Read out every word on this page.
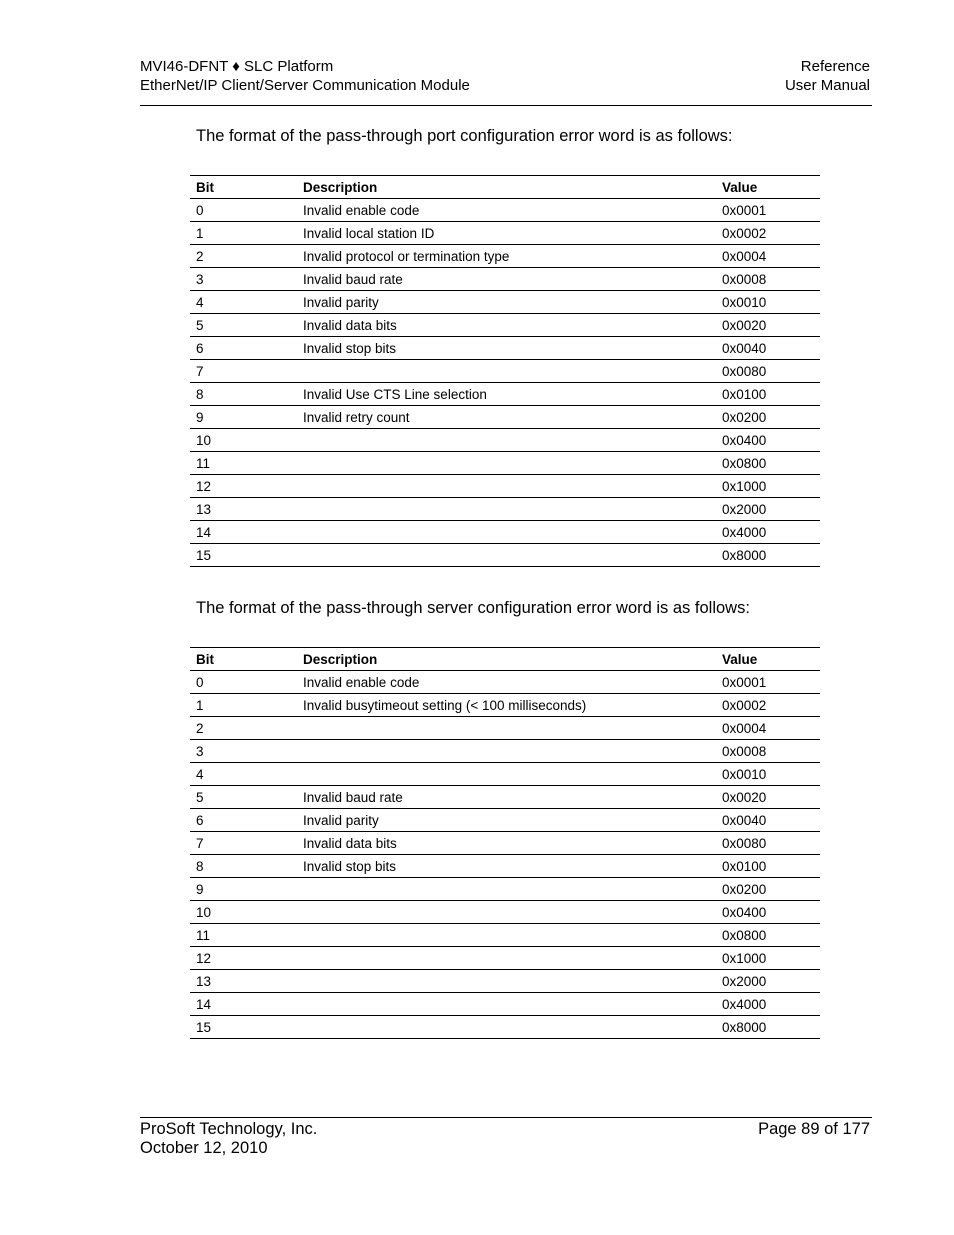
MVI46-DFNT ♦ SLC Platform
EtherNet/IP Client/Server Communication Module
Reference
User Manual
The format of the pass-through port configuration error word is as follows:
Bit	Description	Value
0	Invalid enable code	0x0001
1	Invalid local station ID	0x0002
2	Invalid protocol or termination type	0x0004
3	Invalid baud rate	0x0008
4	Invalid parity	0x0010
5	Invalid data bits	0x0020
6	Invalid stop bits	0x0040
7		0x0080
8	Invalid Use CTS Line selection	0x0100
9	Invalid retry count	0x0200
10		0x0400
11		0x0800
12		0x1000
13		0x2000
14		0x4000
15		0x8000
The format of the pass-through server configuration error word is as follows:
Bit	Description	Value
0	Invalid enable code	0x0001
1	Invalid busytimeout setting (< 100 milliseconds)	0x0002
2		0x0004
3		0x0008
4		0x0010
5	Invalid baud rate	0x0020
6	Invalid parity	0x0040
7	Invalid data bits	0x0080
8	Invalid stop bits	0x0100
9		0x0200
10		0x0400
11		0x0800
12		0x1000
13		0x2000
14		0x4000
15		0x8000
ProSoft Technology, Inc.
October 12, 2010
Page 89 of 177
